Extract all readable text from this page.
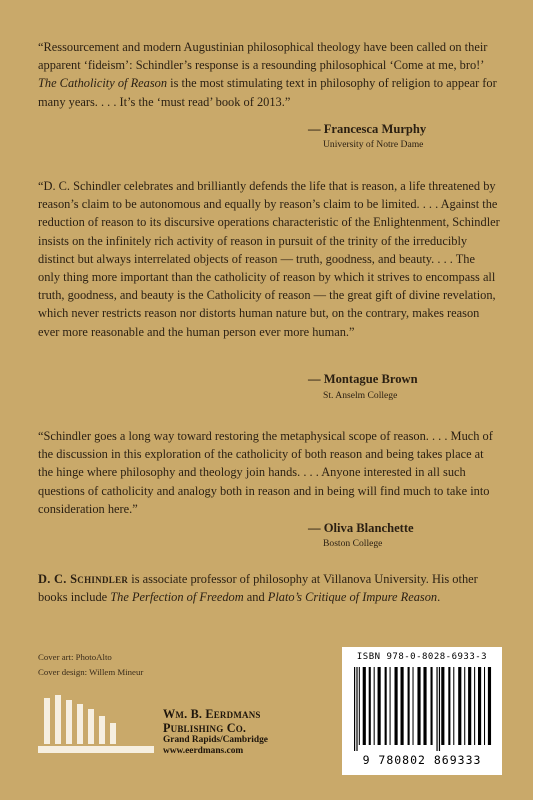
“Ressourcement and modern Augustinian philosophical theology have been called on their apparent ‘fideism’: Schindler’s response is a resounding philosophical ‘Come at me, bro!’ The Catholicity of Reason is the most stimulating text in philosophy of religion to appear for many years. . . . It’s the ‘must read’ book of 2013.”

— Francesca Murphy
University of Notre Dame

“D. C. Schindler celebrates and brilliantly defends the life that is reason, a life threatened by reason’s claim to be autonomous and equally by reason’s claim to be limited. . . . Against the reduction of reason to its discursive operations characteristic of the Enlightenment, Schindler insists on the infinitely rich activity of reason in pursuit of the trinity of the irreducibly distinct but always interrelated objects of reason — truth, goodness, and beauty. . . . The only thing more important than the catholicity of reason by which it strives to encompass all truth, goodness, and beauty is the Catholicity of reason — the great gift of divine revelation, which never restricts reason nor distorts human nature but, on the contrary, makes reason ever more reasonable and the human person ever more human.”

— Montague Brown
St. Anselm College

“Schindler goes a long way toward restoring the metaphysical scope of reason. . . . Much of the discussion in this exploration of the catholicity of both reason and being takes place at the hinge where philosophy and theology join hands. . . . Anyone interested in all such questions of catholicity and analogy both in reason and in being will find much to take into consideration here.”

— Oliva Blanchette
Boston College
D. C. Schindler is associate professor of philosophy at Villanova University. His other books include The Perfection of Freedom and Plato’s Critique of Impure Reason.
Cover art: PhotoAlto
Cover design: Willem Mineur
Wm. B. Eerdmans
Publishing Co.
Grand Rapids/Cambridge
www.eerdmans.com
ISBN 978-0-8028-6933-3
9 780802 869333
